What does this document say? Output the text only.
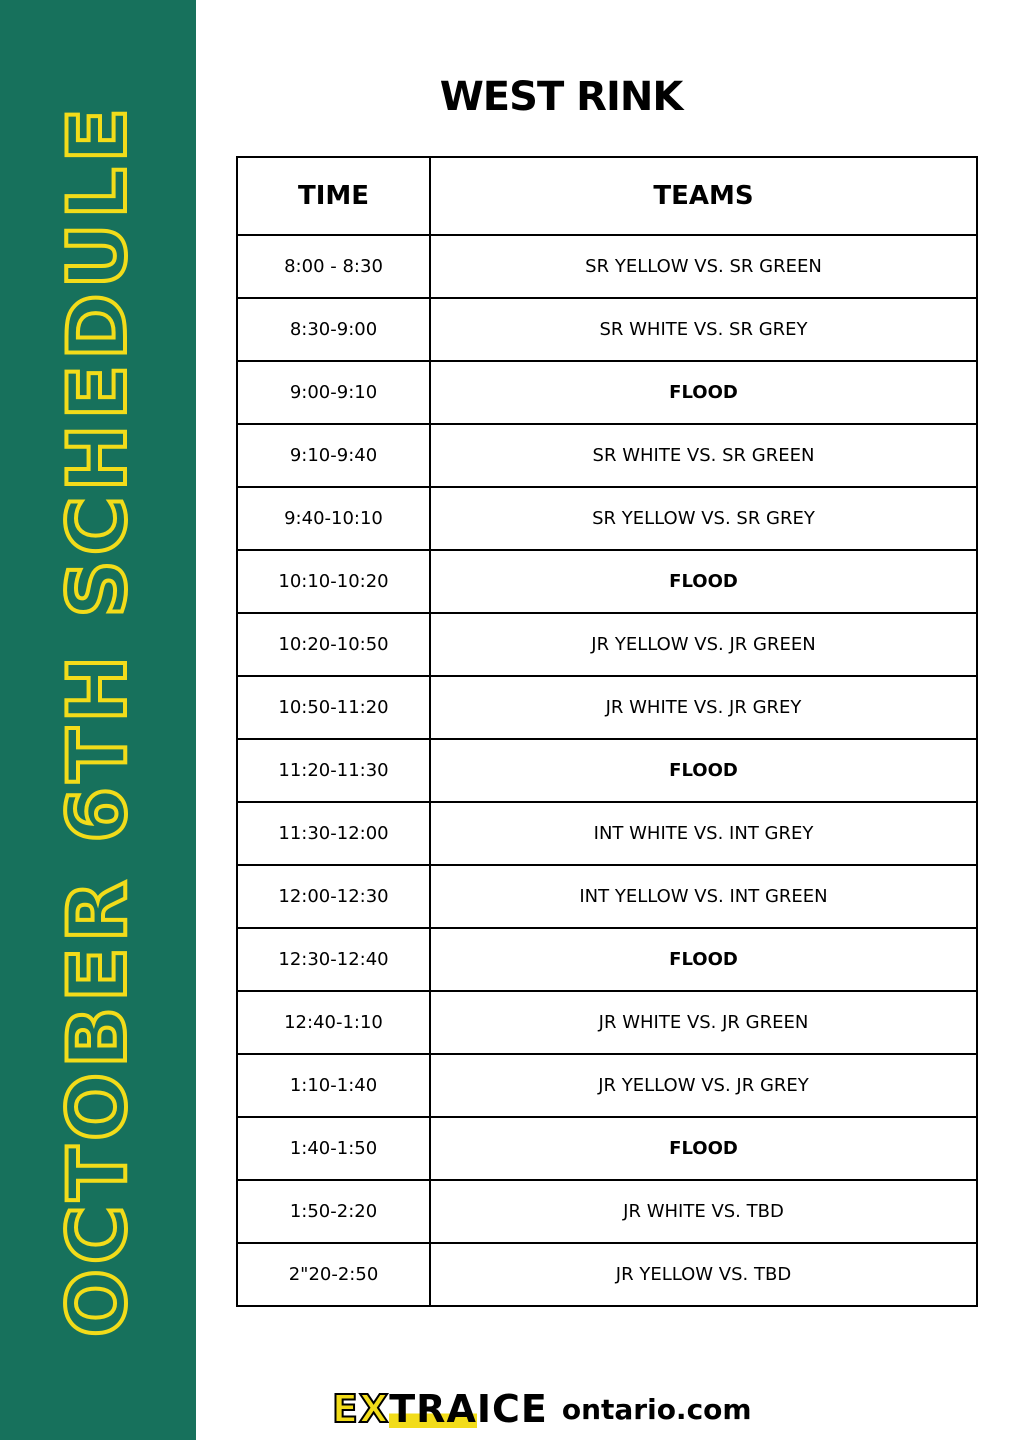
OCTOBER 6TH SCHEDULE
WEST RINK
TIME	TEAMS
8:00 - 8:30	SR YELLOW VS. SR GREEN
8:30-9:00	SR WHITE VS. SR GREY
9:00-9:10	FLOOD
9:10-9:40	SR WHITE VS. SR GREEN
9:40-10:10	SR YELLOW VS. SR GREY
10:10-10:20	FLOOD
10:20-10:50	JR YELLOW VS. JR GREEN
10:50-11:20	JR WHITE VS. JR GREY
11:20-11:30	FLOOD
11:30-12:00	INT WHITE VS. INT GREY
12:00-12:30	INT YELLOW VS. INT GREEN
12:30-12:40	FLOOD
12:40-1:10	JR WHITE VS. JR GREEN
1:10-1:40	JR YELLOW VS. JR GREY
1:40-1:50	FLOOD
1:50-2:20	JR WHITE VS. TBD
2"20-2:50	JR YELLOW VS. TBD
EX TRA ICE ontario.com
